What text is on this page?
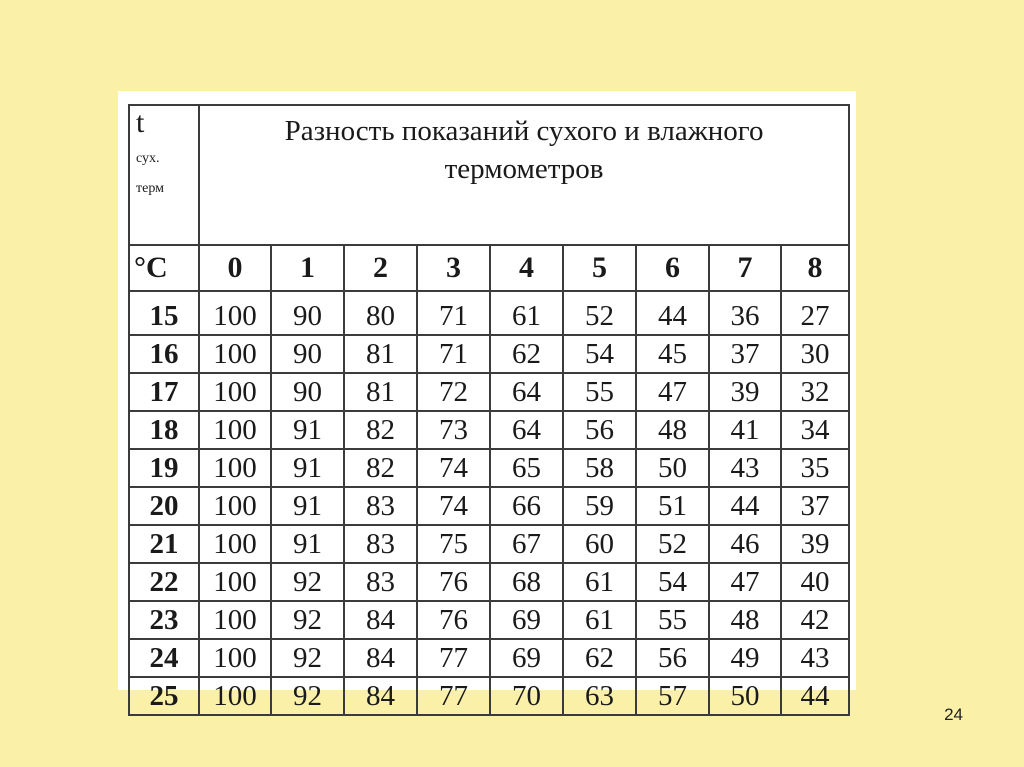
t
сух.
терм	Разность показаний сухого и влажного
термометров								

°C	0	1	2	3	4	5	6	7	8
15	100	90	80	71	61	52	44	36	27
16	100	90	81	71	62	54	45	37	30
17	100	90	81	72	64	55	47	39	32
18	100	91	82	73	64	56	48	41	34
19	100	91	82	74	65	58	50	43	35
20	100	91	83	74	66	59	51	44	37
21	100	91	83	75	67	60	52	46	39
22	100	92	83	76	68	61	54	47	40
23	100	92	84	76	69	61	55	48	42
24	100	92	84	77	69	62	56	49	43
25	100	92	84	77	70	63	57	50	44
24
